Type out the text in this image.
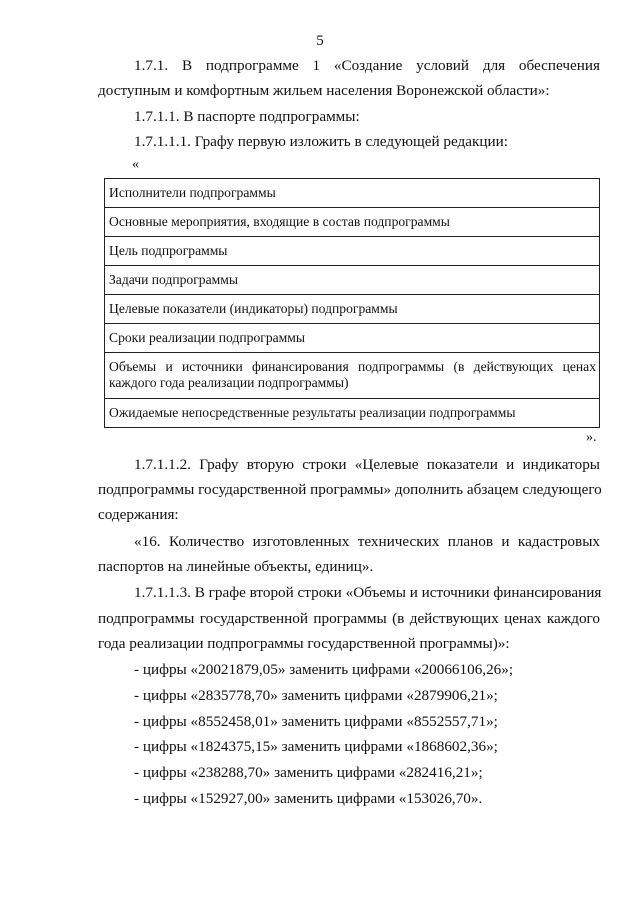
5
1.7.1. В подпрограмме 1 «Создание условий для обеспечения
доступным и комфортным жильем населения Воронежской области»:
1.7.1.1. В паспорте подпрограммы:
1.7.1.1.1. Графу первую изложить в следующей редакции:
«
Исполнители подпрограммы
Основные мероприятия, входящие в состав подпрограммы
Цель подпрограммы
Задачи подпрограммы
Целевые показатели (индикаторы) подпрограммы
Сроки реализации подпрограммы
Объемы и источники финансирования подпрограммы (в действующих ценах каждого года реализации подпрограммы)
Ожидаемые непосредственные результаты реализации подпрограммы
».
1.7.1.1.2. Графу вторую строки «Целевые показатели и индикаторы
подпрограммы государственной программы» дополнить абзацем следующего
содержания:
«16. Количество изготовленных технических планов и кадастровых
паспортов на линейные объекты, единиц».
1.7.1.1.3. В графе второй строки «Объемы и источники финансирования
подпрограммы государственной программы (в действующих ценах каждого
года реализации подпрограммы государственной программы)»:
- цифры «20021879,05» заменить цифрами «20066106,26»;
- цифры «2835778,70» заменить цифрами «2879906,21»;
- цифры «8552458,01» заменить цифрами «8552557,71»;
- цифры «1824375,15» заменить цифрами «1868602,36»;
- цифры «238288,70» заменить цифрами «282416,21»;
- цифры «152927,00» заменить цифрами «153026,70».
